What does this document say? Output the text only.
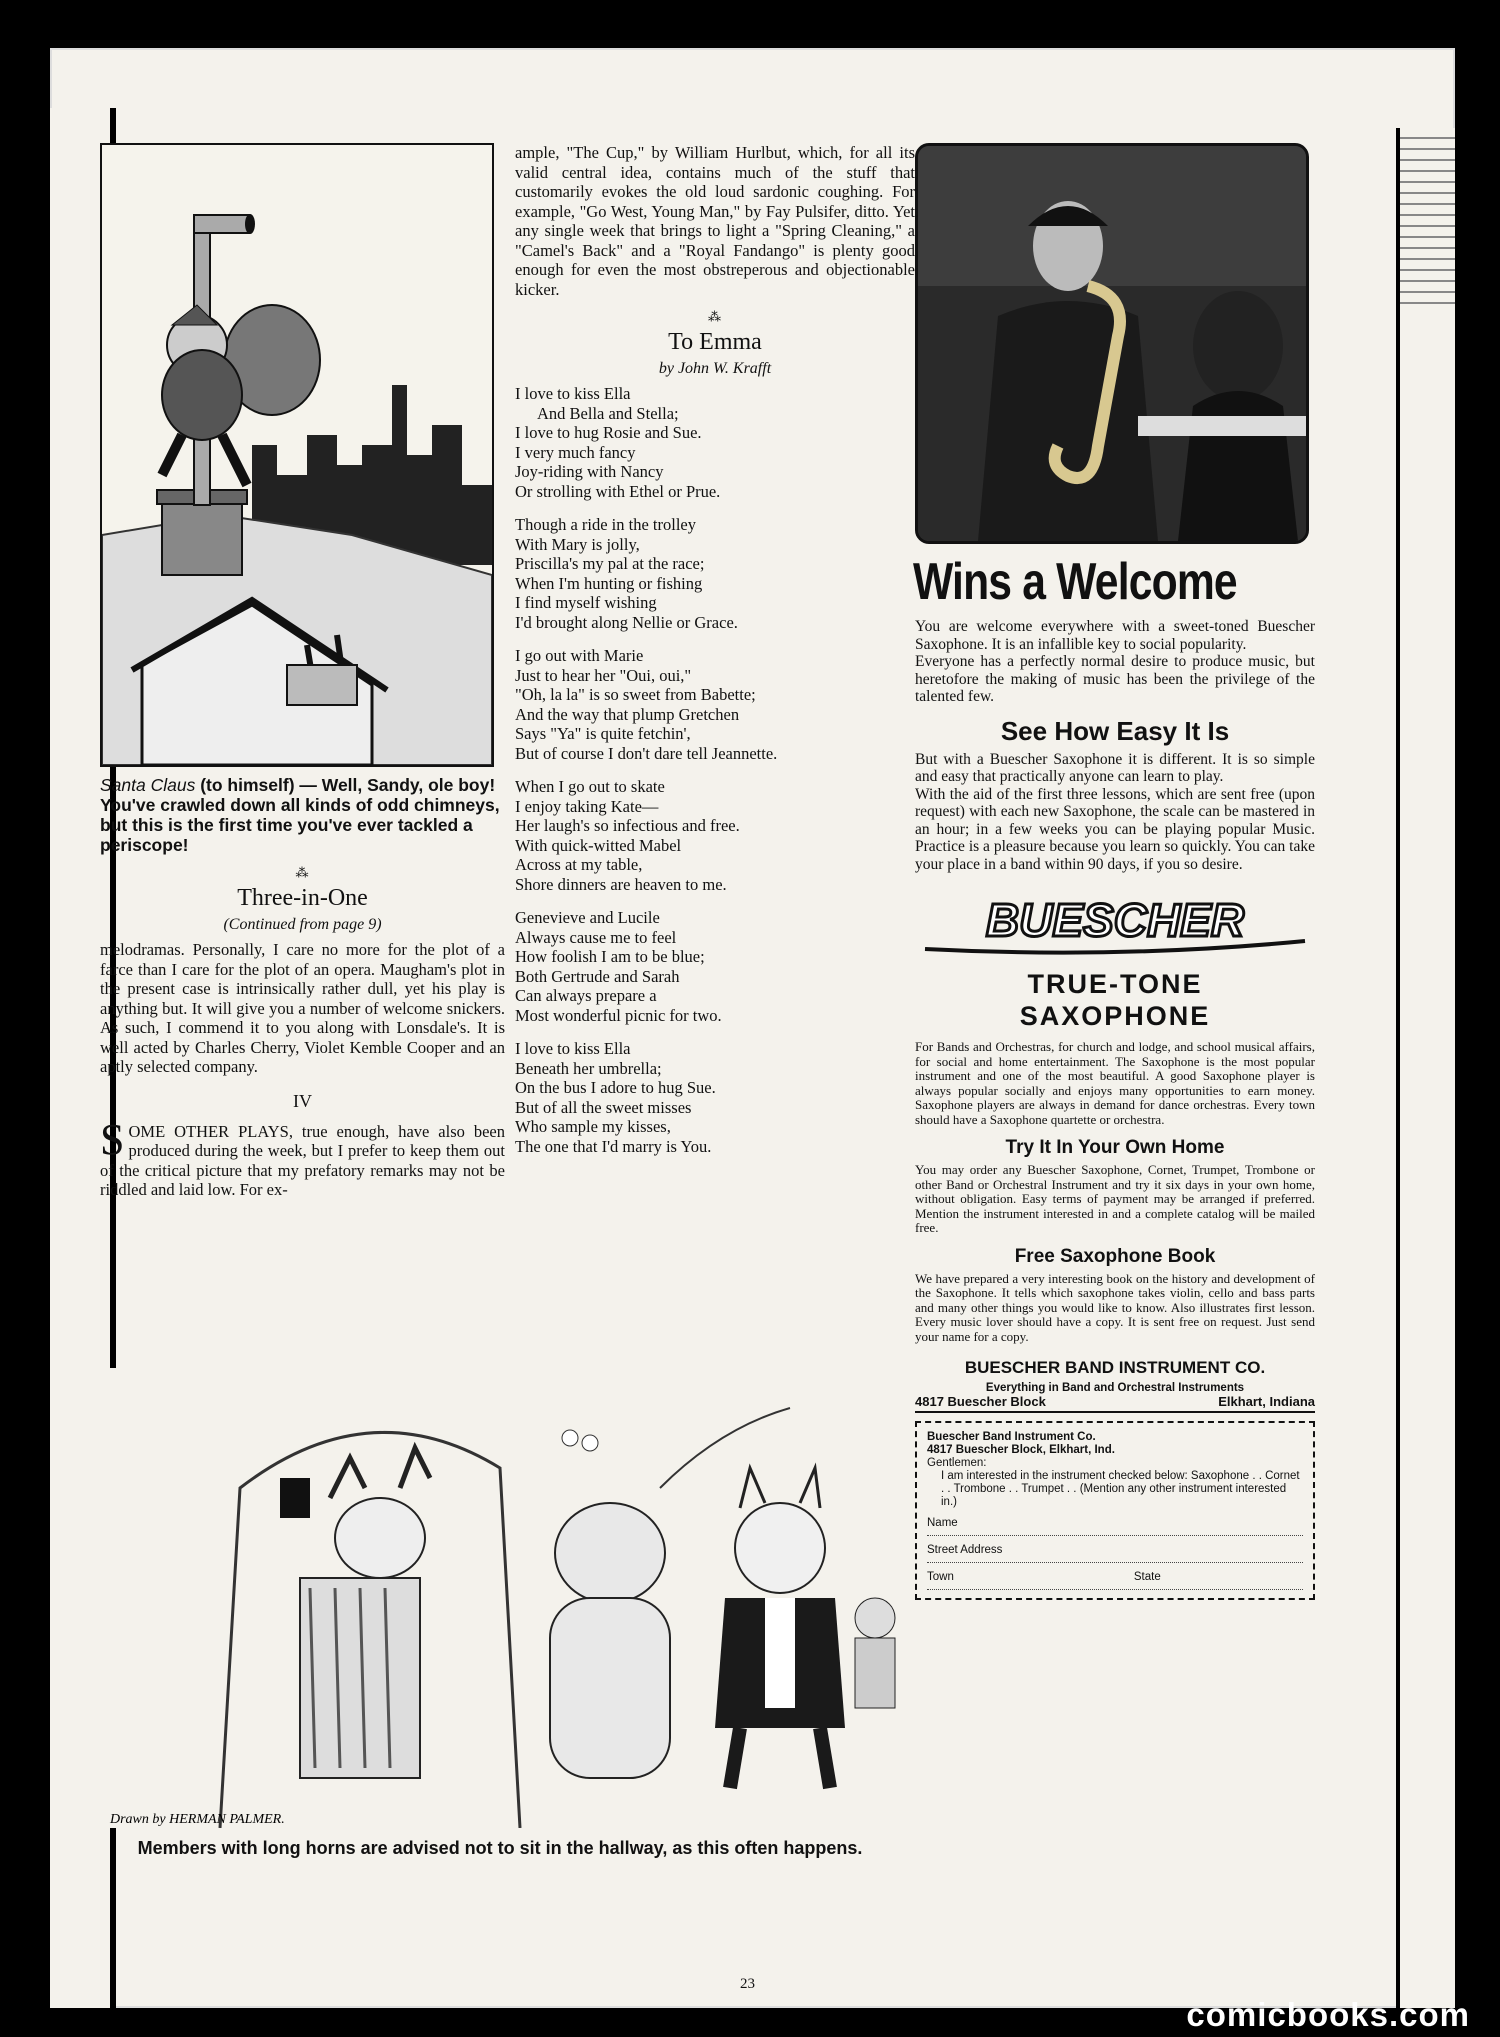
Santa Claus (to himself) — Well, Sandy, ole boy! You've crawled down all kinds of odd chimneys, but this is the first time you've ever tackled a periscope!
⁂
Three-in-One
(Continued from page 9)
melodramas. Personally, I care no more for the plot of a farce than I care for the plot of an opera. Maugham's plot in the present case is intrinsically rather dull, yet his play is anything but. It will give you a number of welcome snickers. As such, I commend it to you along with Lonsdale's. It is well acted by Charles Cherry, Violet Kemble Cooper and an aptly selected company.
IV
SOME OTHER PLAYS, true enough, have also been produced during the week, but I prefer to keep them out of the critical picture that my prefatory remarks may not be riddled and laid low. For ex-
ample, "The Cup," by William Hurlbut, which, for all its valid central idea, contains much of the stuff that customarily evokes the old loud sardonic coughing. For example, "Go West, Young Man," by Fay Pulsifer, ditto. Yet any single week that brings to light a "Spring Cleaning," a "Camel's Back" and a "Royal Fandango" is plenty good enough for even the most obstreperous and objectionable kicker.
⁂
To Emma
by John W. Krafft

I love to kiss Ella
And Bella and Stella;
I love to hug Rosie and Sue.
I very much fancy
Joy-riding with Nancy
Or strolling with Ethel or Prue.

Though a ride in the trolley
With Mary is jolly,
Priscilla's my pal at the race;
When I'm hunting or fishing
I find myself wishing
I'd brought along Nellie or Grace.

I go out with Marie
Just to hear her "Oui, oui,"
"Oh, la la" is so sweet from Babette;
And the way that plump Gretchen
Says "Ya" is quite fetchin',
But of course I don't dare tell Jeannette.

When I go out to skate
I enjoy taking Kate—
Her laugh's so infectious and free.
With quick-witted Mabel
Across at my table,
Shore dinners are heaven to me.

Genevieve and Lucile
Always cause me to feel
How foolish I am to be blue;
Both Gertrude and Sarah
Can always prepare a
Most wonderful picnic for two.

I love to kiss Ella
Beneath her umbrella;
On the bus I adore to hug Sue.
But of all the sweet misses
Who sample my kisses,
The one that I'd marry is You.

Wins a Welcome

You are welcome everywhere with a sweet-toned Buescher Saxophone. It is an infallible key to social popularity.

Everyone has a perfectly normal desire to produce music, but heretofore the making of music has been the privilege of the talented few.

See How Easy It Is

But with a Buescher Saxophone it is different. It is so simple and easy that practically anyone can learn to play.

With the aid of the first three lessons, which are sent free (upon request) with each new Saxophone, the scale can be mastered in an hour; in a few weeks you can be playing popular Music. Practice is a pleasure because you learn so quickly. You can take your place in a band within 90 days, if you so desire.

BUESCHER
TRUE-TONE
SAXOPHONE
For Bands and Orchestras, for church and lodge, and school musical affairs, for social and home entertainment. The Saxophone is the most popular instrument and one of the most beautiful. A good Saxophone player is always popular socially and enjoys many opportunities to earn money. Saxophone players are always in demand for dance orchestras. Every town should have a Saxophone quartette or orchestra.
Try It In Your Own Home
You may order any Buescher Saxophone, Cornet, Trumpet, Trombone or other Band or Orchestral Instrument and try it six days in your own home, without obligation. Easy terms of payment may be arranged if preferred. Mention the instrument interested in and a complete catalog will be mailed free.
Free Saxophone Book
We have prepared a very interesting book on the history and development of the Saxophone. It tells which saxophone takes violin, cello and bass parts and many other things you would like to know. Also illustrates first lesson. Every music lover should have a copy. It is sent free on request. Just send your name for a copy.
BUESCHER BAND INSTRUMENT CO.
Everything in Band and Orchestral Instruments
4817 Buescher Block	Elkhart, Indiana
Buescher Band Instrument Co.
4817 Buescher Block, Elkhart, Ind.
Gentlemen:
I am interested in the instrument checked below: Saxophone . . Cornet . . Trombone . . Trumpet . . (Mention any other instrument interested in.)
Name
Street Address
Town	State
Drawn by HERMAN PALMER.
Members with long horns are advised not to sit in the hallway, as this often happens.
23
comicbooks.com
